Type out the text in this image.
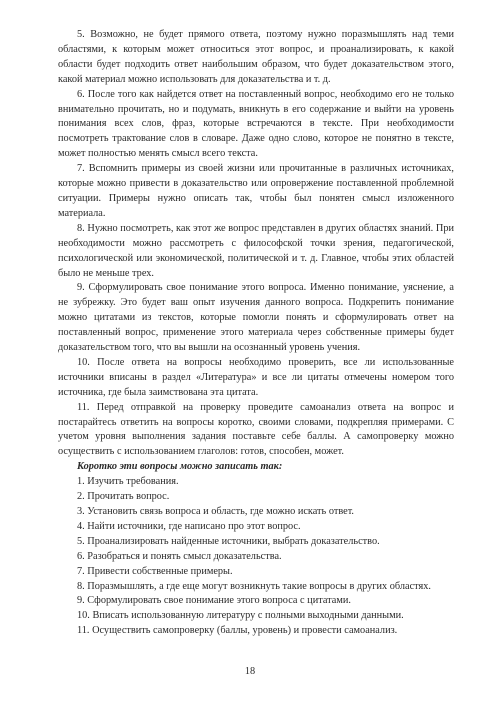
5. Возможно, не будет прямого ответа, поэтому нужно поразмышлять над теми областями, к которым может относиться этот вопрос, и проанализировать, к какой области будет подходить ответ наибольшим образом, что будет доказательством этого, какой материал можно использовать для доказательства и т. д.

6. После того как найдется ответ на поставленный вопрос, необходимо его не только внимательно прочитать, но и подумать, вникнуть в его содержание и выйти на уровень понимания всех слов, фраз, которые встречаются в тексте. При необходимости посмотреть трактование слов в словаре. Даже одно слово, которое не понятно в тексте, может полностью менять смысл всего текста.

7. Вспомнить примеры из своей жизни или прочитанные в различных источниках, которые можно привести в доказательство или опровержение поставленной проблемной ситуации. Примеры нужно описать так, чтобы был понятен смысл изложенного материала.

8. Нужно посмотреть, как этот же вопрос представлен в других областях знаний. При необходимости можно рассмотреть с философской точки зрения, педагогической, психологической или экономической, политической и т. д. Главное, чтобы этих областей было не меньше трех.

9. Сформулировать свое понимание этого вопроса. Именно понимание, уяснение, а не зубрежку. Это будет ваш опыт изучения данного вопроса. Подкрепить понимание можно цитатами из текстов, которые помогли понять и сформулировать ответ на поставленный вопрос, применение этого материала через собственные примеры будет доказательством того, что вы вышли на осознанный уровень учения.

10. После ответа на вопросы необходимо проверить, все ли использованные источники вписаны в раздел «Литература» и все ли цитаты отмечены номером того источника, где была заимствована эта цитата.

11. Перед отправкой на проверку проведите самоанализ ответа на вопрос и постарайтесь ответить на вопросы коротко, своими словами, подкрепляя примерами. С учетом уровня выполнения задания поставьте себе баллы. А самопроверку можно осуществить с использованием глаголов: готов, способен, может.

Коротко эти вопросы можно записать так:

1. Изучить требования.

2. Прочитать вопрос.

3. Установить связь вопроса и область, где можно искать ответ.

4. Найти источники, где написано про этот вопрос.

5. Проанализировать найденные источники, выбрать доказательство.

6. Разобраться и понять смысл доказательства.

7. Привести собственные примеры.

8. Поразмышлять, а где еще могут возникнуть такие вопросы в других областях.

9. Сформулировать свое понимание этого вопроса с цитатами.

10. Вписать использованную литературу с полными выходными данными.

11. Осуществить самопроверку (баллы, уровень) и провести самоанализ.

18
